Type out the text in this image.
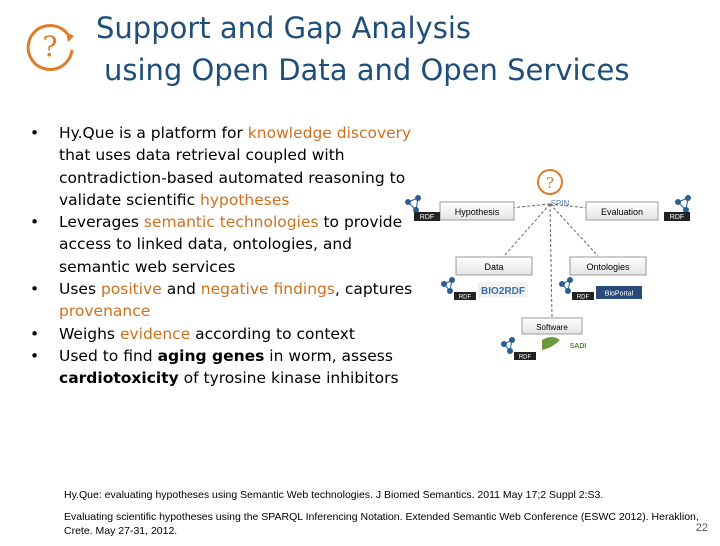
?
Support and Gap Analysis
using Open Data and Open Services
• Hy.Que is a platform for knowledge discovery that uses data retrieval coupled with contradiction-based automated reasoning to validate scientific hypotheses
• Leverages semantic technologies to provide access to linked data, ontologies, and semantic web services
• Uses positive and negative findings, captures provenance
• Weighs evidence according to context
• Used to find aging genes in worm, assess cardiotoxicity of tyrosine kinase inhibitors
?
SPIN
Hypothesis
RDF
Evaluation
RDF
Data
RDF
BIO2RDF
Ontologies
RDF BioPortal
Software
RDF
SADI

Hy.Que: evaluating hypotheses using Semantic Web technologies. J Biomed Semantics. 2011 May 17;2 Suppl 2:S3.

Evaluating scientific hypotheses using the SPARQL Inferencing Notation. Extended Semantic Web Conference (ESWC 2012). Heraklion, Crete. May 27-31, 2012.	22
